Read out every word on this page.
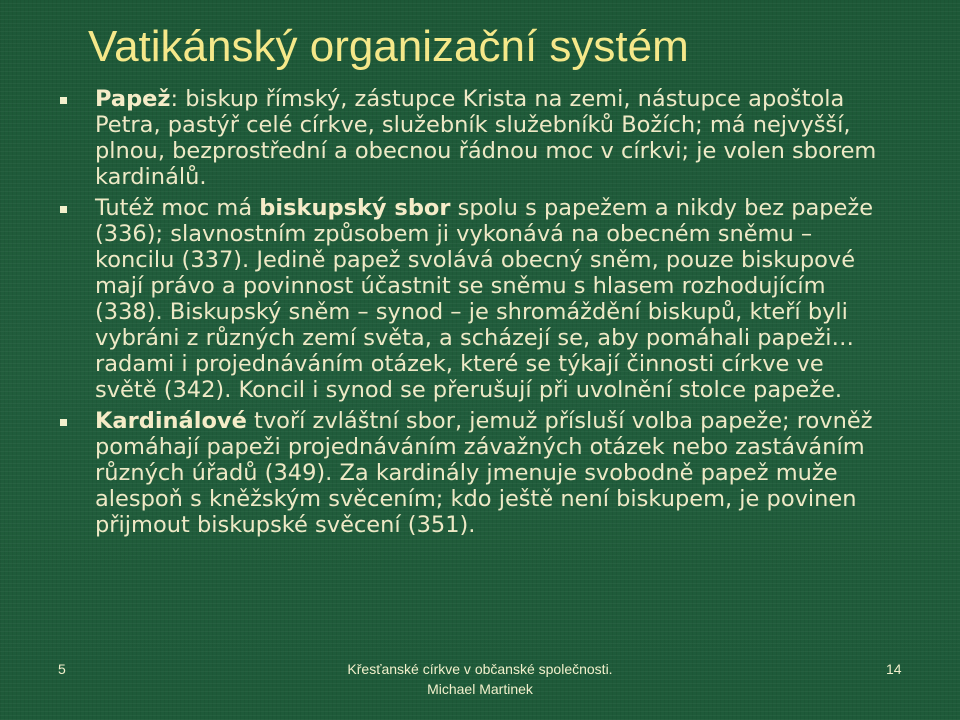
Vatikánský organizační systém
Papež: biskup římský, zástupce Krista na zemi, nástupce apoštola Petra, pastýř celé církve, služebník služebníků Božích; má nejvyšší, plnou, bezprostřední a obecnou řádnou moc v církvi; je volen sborem kardinálů.
Tutéž moc má biskupský sbor spolu s papežem a nikdy bez papeže (336); slavnostním způsobem ji vykonává na obecném sněmu – koncilu (337). Jedině papež svolává obecný sněm, pouze biskupové mají právo a povinnost účastnit se sněmu s hlasem rozhodujícím (338). Biskupský sněm – synod – je shromáždění biskupů, kteří byli vybráni z různých zemí světa, a scházejí se, aby pomáhali papeži…radami i projednáváním otázek, které se týkají činnosti církve ve světě (342). Koncil i synod se přerušují při uvolnění stolce papeže.
Kardinálové tvoří zvláštní sbor, jemuž přísluší volba papeže; rovněž pomáhají papeži projednáváním závažných otázek nebo zastáváním různých úřadů (349). Za kardinály jmenuje svobodně papež muže alespoň s kněžským svěcením; kdo ještě není biskupem, je povinen přijmout biskupské svěcení (351).
5	Křesťanské církve v občanské společnosti.
Michael Martinek
14
